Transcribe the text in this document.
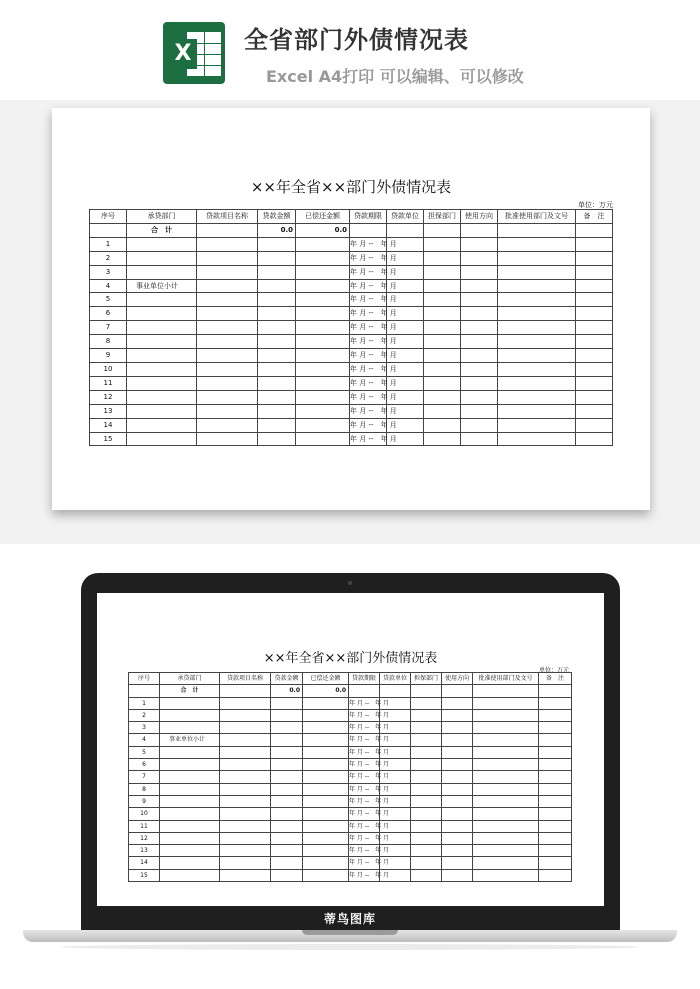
X 全省部门外债情况表
Excel A4打印 可以编辑、可以修改
××年全省××部门外债情况表
单位：万元
序号	承贷部门	贷款项目名称	贷款金额	已偿还金额	贷款期限	贷款单位	担保部门	使用方向	批准使用部门及文号	备　注
	合　计		0.0	0.0						
1					年 月 --　年 月					
2					年 月 --　年 月					
3					年 月 --　年 月					
4	事业单位小计				年 月 --　年 月					
5					年 月 --　年 月					
6					年 月 --　年 月					
7					年 月 --　年 月					
8					年 月 --　年 月					
9					年 月 --　年 月					
10					年 月 --　年 月					
11					年 月 --　年 月					
12					年 月 --　年 月					
13					年 月 --　年 月					
14					年 月 --　年 月					
15					年 月 --　年 月					
××年全省××部门外债情况表
单位：万元
序号	承贷部门	贷款项目名称	贷款金额	已偿还金额	贷款期限	贷款单位	担保部门	使用方向	批准使用部门及文号	备　注
	合　计		0.0	0.0						
1					年 月 --　年 月					
2					年 月 --　年 月					
3					年 月 --　年 月					
4	事业单位小计				年 月 --　年 月					
5					年 月 --　年 月					
6					年 月 --　年 月					
7					年 月 --　年 月					
8					年 月 --　年 月					
9					年 月 --　年 月					
10					年 月 --　年 月					
11					年 月 --　年 月					
12					年 月 --　年 月					
13					年 月 --　年 月					
14					年 月 --　年 月					
15					年 月 --　年 月					
蒂鸟图库
